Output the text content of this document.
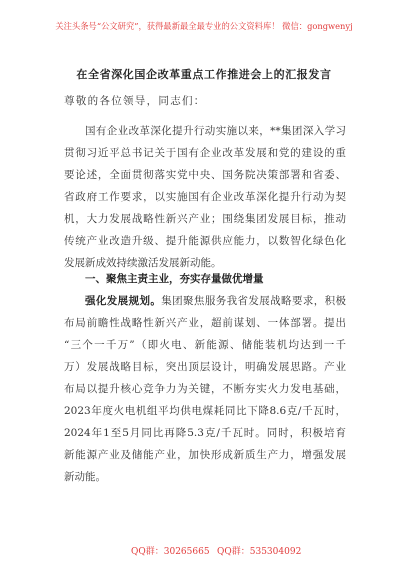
关注头条号“公文研究”，获得最新最全最专业的公文资料库！ 微信：gongwenyj
在全省深化国企改革重点工作推进会上的汇报发言
尊敬的各位领导，同志们：
国有企业改革深化提升行动实施以来，**集团深入学习
贯彻习近平总书记关于国有企业改革发展和党的建设的重
要论述，全面贯彻落实党中央、国务院决策部署和省委、
省政府工作要求，以实施国有企业改革深化提升行动为契
机，大力发展战略性新兴产业；围绕集团发展目标，推动
传统产业改造升级、提升能源供应能力，以数智化绿色化
发展新成效持续激活发展新动能。
一、聚焦主责主业，夯实存量做优增量
强化发展规划。集团聚焦服务我省发展战略要求，积极
布局前瞻性战略性新兴产业，超前谋划、一体部署。提出
“三个一千万”（即火电、新能源、储能装机均达到一千
万）发展战略目标，突出顶层设计，明确发展思路。产业
布局以提升核心竞争力为关键，不断夯实火力发电基础，
2023年度火电机组平均供电煤耗同比下降8.6克/千瓦时，
2024年1至5月同比再降5.3克/千瓦时。同时，积极培育
新能源产业及储能产业，加快形成新质生产力，增强发展
新动能。
QQ群：30265665 QQ群：535304092
